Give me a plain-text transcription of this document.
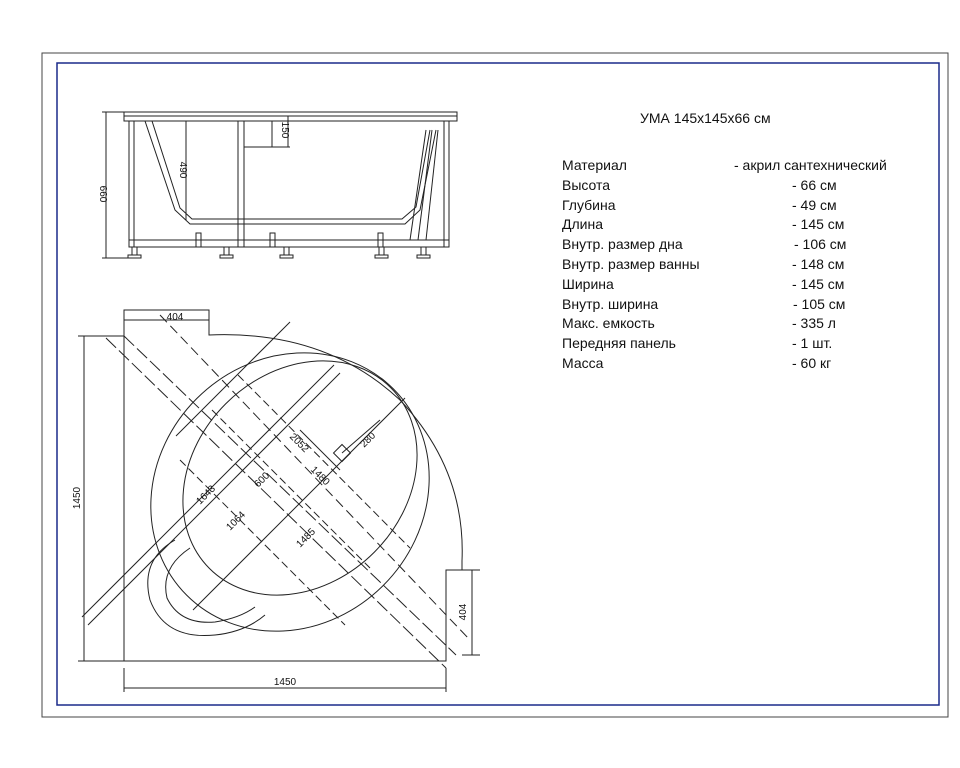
660
490
150
404
404
1450
1450
2052
1480
1643
1064
1485
600
280
УМА 145х145х66 см
Материал	- акрил сантехнический
Высота	- 66 см
Глубина	- 49 см
Длина	- 145 см
Внутр. размер дна	- 106 см
Внутр. размер ванны	- 148 см
Ширина	- 145 см
Внутр. ширина	- 105 см
Макс. емкость	- 335 л
Передняя панель	- 1 шт.
Масса	- 60 кг
